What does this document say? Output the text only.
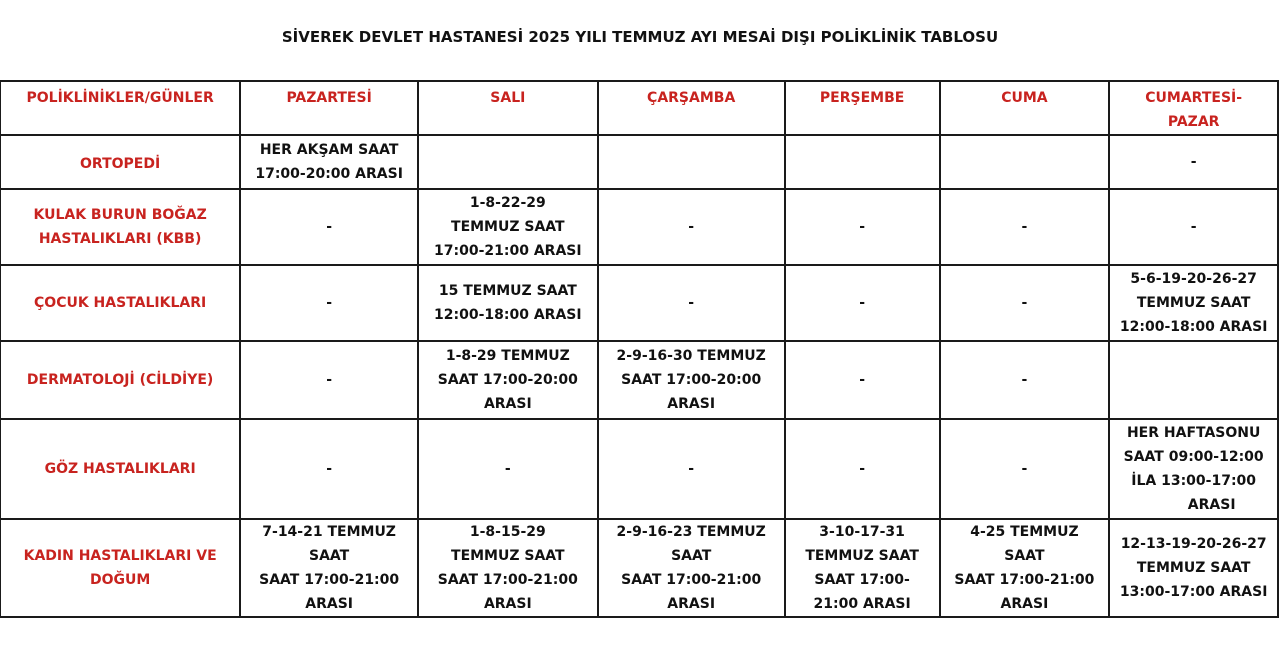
SİVEREK DEVLET HASTANESİ 2025 YILI TEMMUZ AYI MESAİ DIŞI POLİKLİNİK TABLOSU
POLİKLİNİKLER/GÜNLER	PAZARTESİ	SALI	ÇARŞAMBA	PERŞEMBE	CUMA	CUMARTESİ-
PAZAR

ORTOPEDİ	HER AKŞAM SAAT
17:00-20:00 ARASI					-

KULAK BURUN BOĞAZ
HASTALIKLARI (KBB)	-	1-8-22-29
TEMMUZ SAAT
17:00-21:00 ARASI	-	-	-	-
ÇOCUK HASTALIKLARI	-	15 TEMMUZ SAAT
12:00-18:00 ARASI	-	-	-	5-6-19-20-26-27
TEMMUZ SAAT
12:00-18:00 ARASI

DERMATOLOJİ (CİLDİYE)	-	1-8-29 TEMMUZ
SAAT 17:00-20:00
ARASI	2-9-16-30 TEMMUZ
SAAT 17:00-20:00
ARASI	-	-	
GÖZ HASTALIKLARI	-	-	-	-	-	HER HAFTASONU
SAAT 09:00-12:00
İLA 13:00-17:00
ARASI

KADIN HASTALIKLARI VE
DOĞUM	7-14-21 TEMMUZ
SAAT
SAAT 17:00-21:00
ARASI	1-8-15-29
TEMMUZ SAAT
SAAT 17:00-21:00
ARASI	2-9-16-23 TEMMUZ
SAAT
SAAT 17:00-21:00
ARASI	3-10-17-31
TEMMUZ SAAT
SAAT 17:00-
21:00 ARASI	4-25 TEMMUZ
SAAT
SAAT 17:00-21:00
ARASI	12-13-19-20-26-27
TEMMUZ SAAT
13:00-17:00 ARASI
